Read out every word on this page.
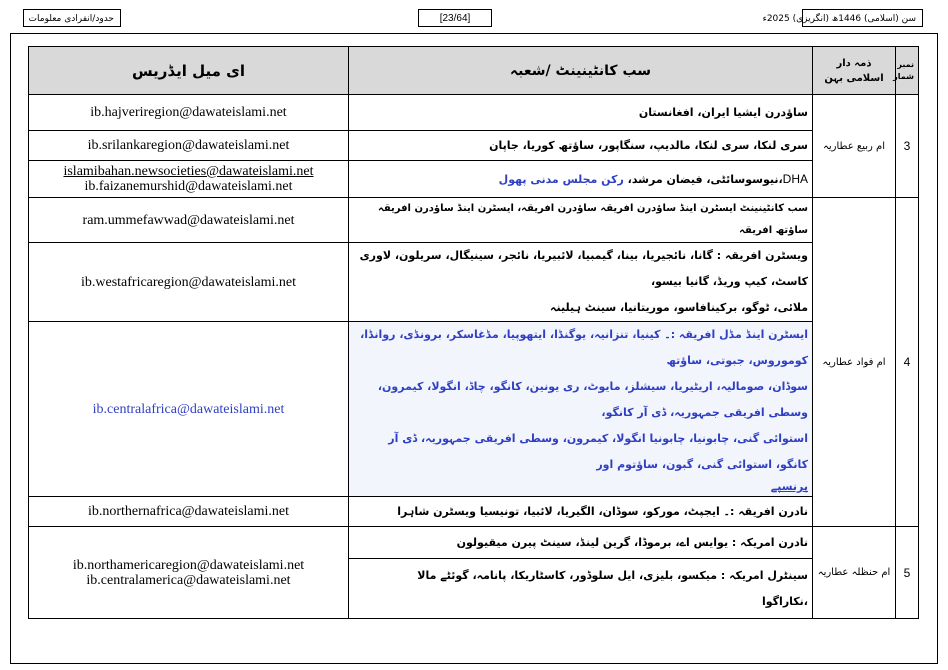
حدود/انفرادی معلومات	[23/64]	سن (اسلامی) 1446ھ (انگریزی) 2025ء
ای میل ایڈریس	سب کانٹینینٹ /شعبہ	ذمہ دار اسلامی بہن	نمبر شمار

ib.hajveriregion@dawateislami.net	ساؤدرن ایشیا ایران، افغانستان	ام ربیع عطاریہ	3

ib.srilankaregion@dawateislami.net	سری لنکا، سری لنکا، مالدیپ، سنگاپور، ساؤتھ کوریا، جاپان		

islamibahan.newsocieties@dawateislami.net
ib.faizanemurshid@dawateislami.net	DHA،نیوسوسائٹی، فیضان مرشد، رکن مجلس مدنی پھول		

ram.ummefawwad@dawateislami.net	سب کانٹینینٹ ایسٹرن اینڈ ساؤدرن افریقہ ساؤدرن افریقہ، ایسٹرن اینڈ ساؤدرن افریقہ ساؤتھ افریقہ	ام فواد عطاریہ	4

ib.westafricaregion@dawateislami.net	ویسٹرن افریقہ : گانا، نائجیریا، بینا، گیمبیا، لائبیریا، نائجر، سینیگال، سریلون، لاوری کاسٹ، کیپ وریڈ، گانیا بیسو،
ملائی، ٹوگو، برکینافاسو، موریتانیا، سینٹ ہیلینہ		

ib.centralafrica@dawateislami.net	ایسٹرن اینڈ مڈل افریقہ :۔ کینیا، تنزانیہ، یوگنڈا، ایتھوپیا، مڈغاسکر، برونڈی، روانڈا، کوموروس، جبوتی، ساؤتھ
سوڈان، صومالیہ، اریٹیریا، سیشلز، مایوٹ، ری یونین، کانگو، چاڈ، انگولا، کیمرون، وسطی افریقی جمہوریہ، ڈی آر کانگو،
استوائی گنی، چابونیا، چابونیا انگولا، کیمرون، وسطی افریقی جمہوریہ، ڈی آر کانگو، استوائی گنی، گبون، ساؤتوم اور
پرنسپے		

ib.northernafrica@dawateislami.net	نادرن افریقہ :۔ ایجپٹ، مورکو، سوڈان، الگیریا، لائبیا، تونیسیا ویسٹرن شاہرا		

ib.northamericaregion@dawateislami.net
ib.centralamerica@dawateislami.net	نادرن امریکہ : یوایس اے، برموڈا، گرین لینڈ، سینٹ پیرن میقیولون	ام حنظلہ عطاریہ	5

	سینٹرل امریکہ : میکسو، بلیزی، ایل سلوڈور، کاسٹاریکا، پانامہ، گوئٹے مالا
،نکاراگوا		
